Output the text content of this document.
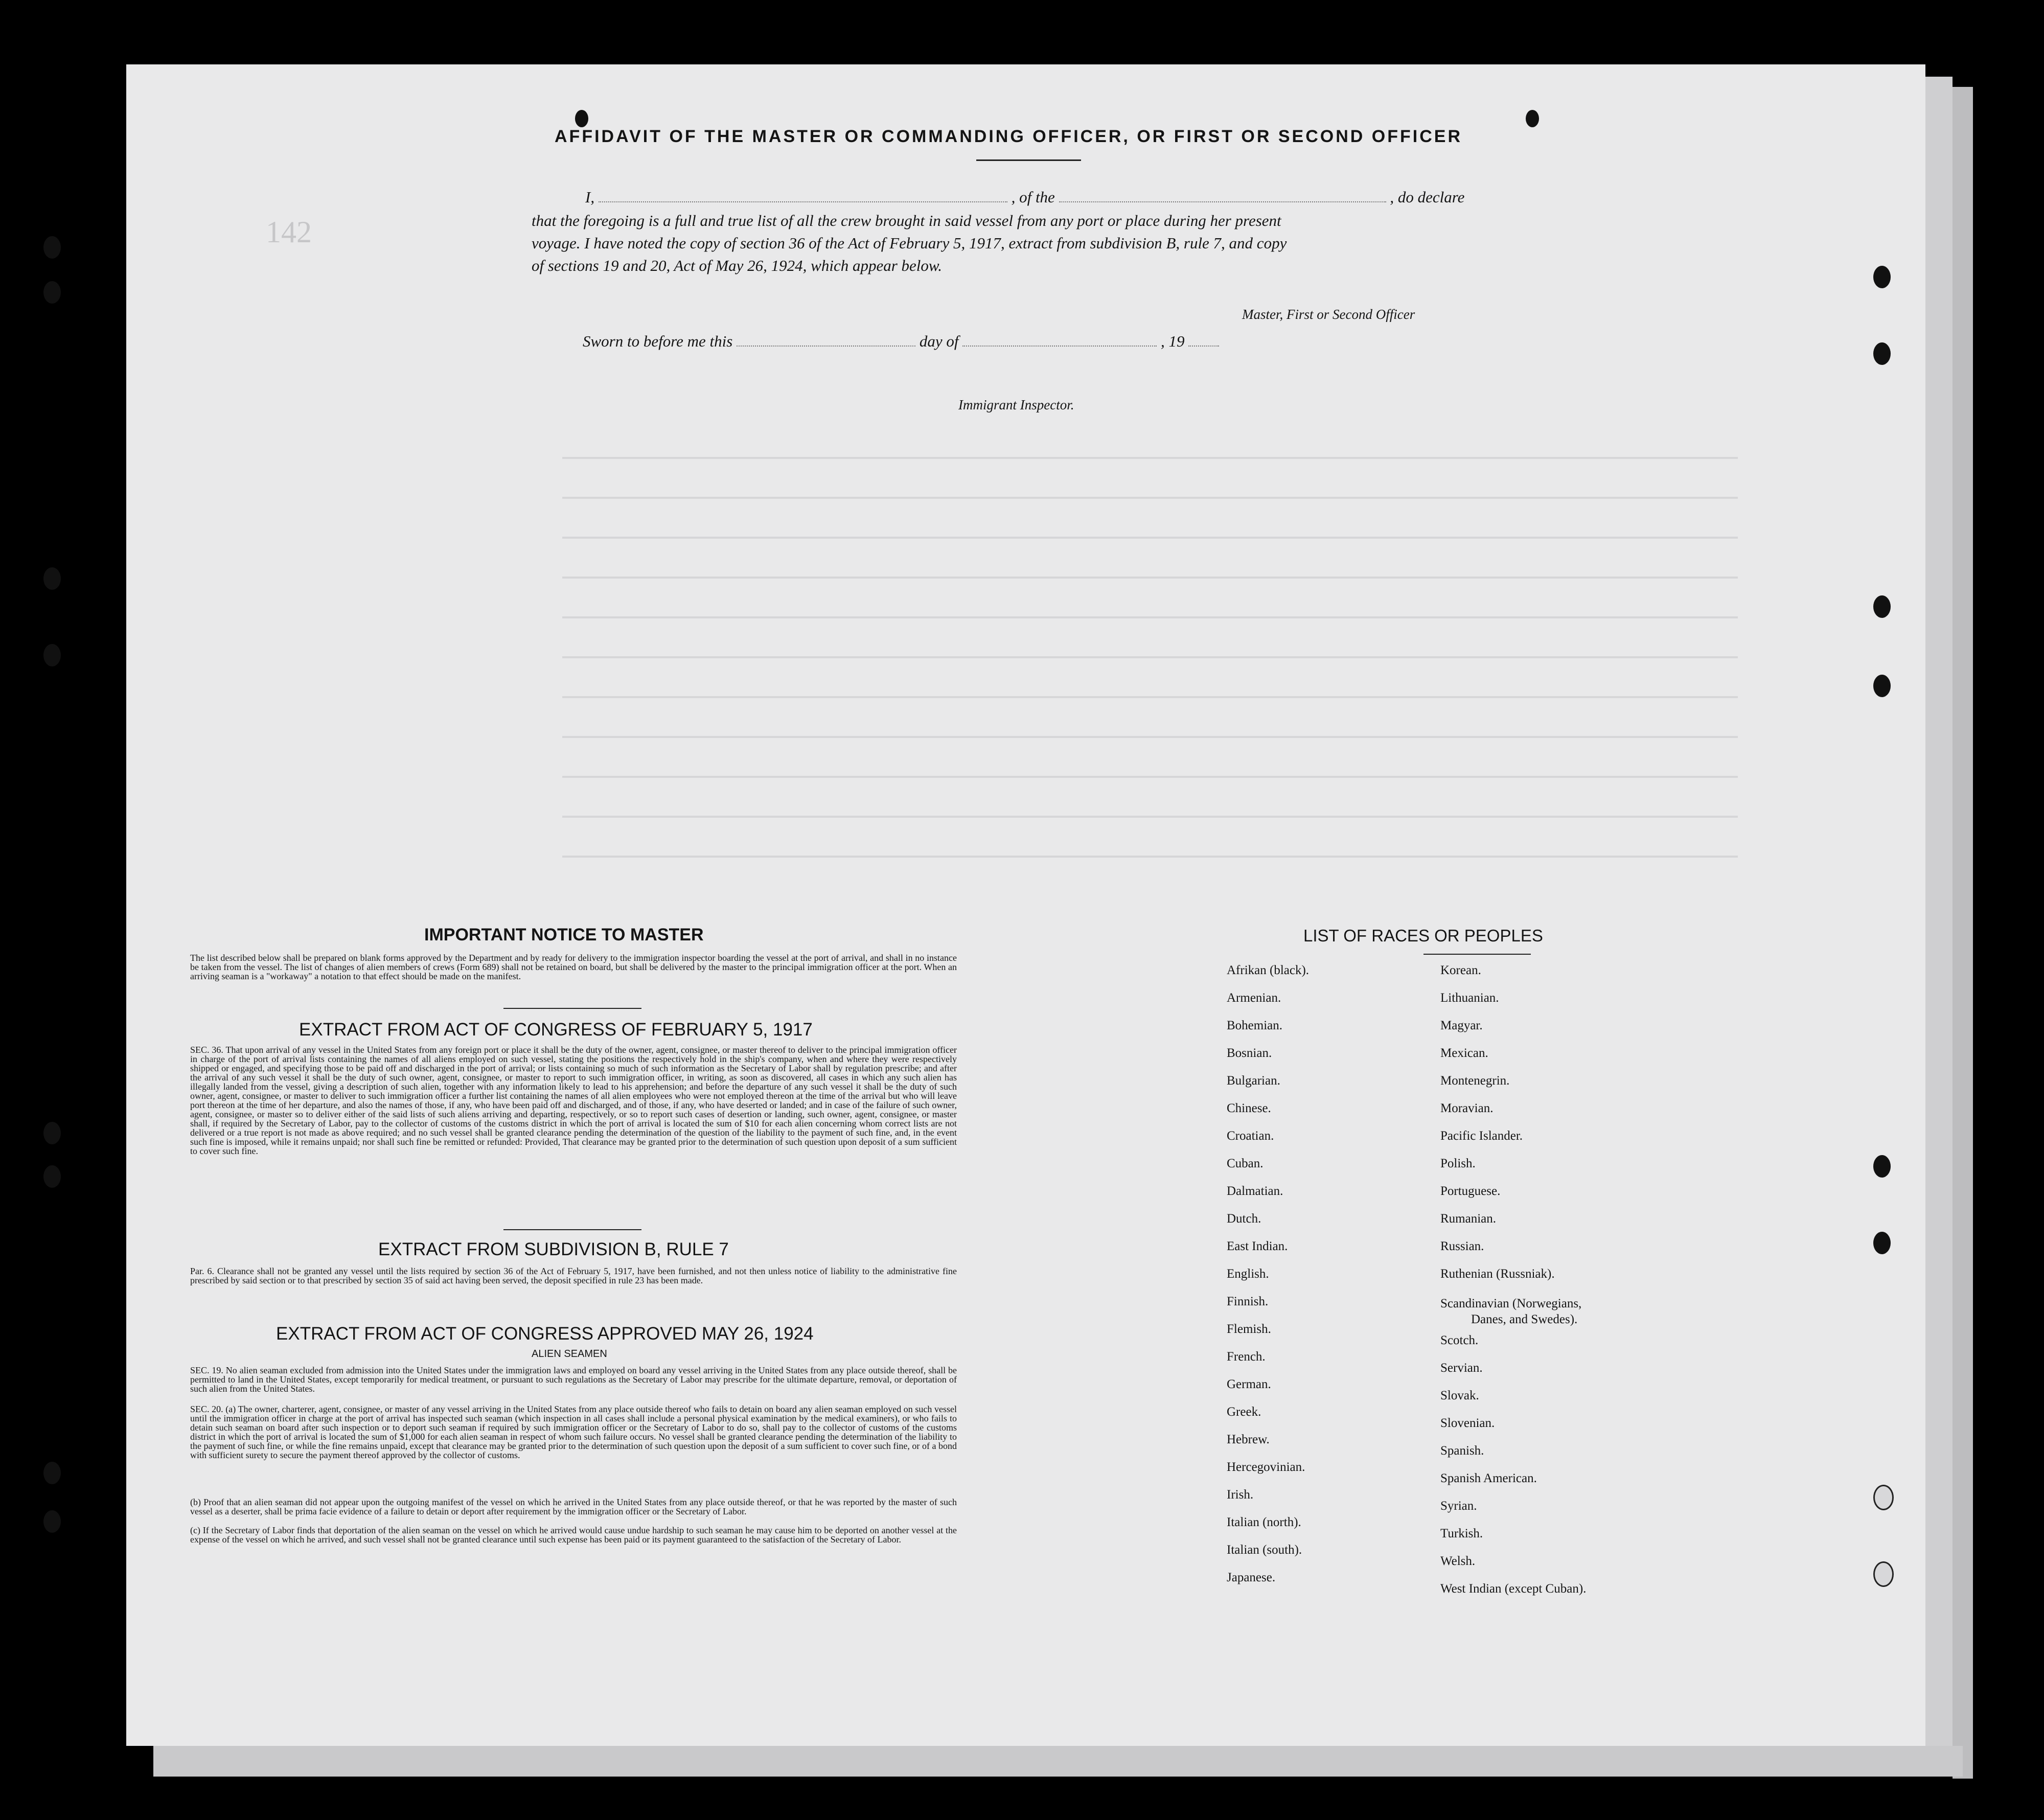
142
AFFIDAVIT OF THE MASTER OR COMMANDING OFFICER, OR FIRST OR SECOND OFFICER
I,	, of the	, do declare
that the foregoing is a full and true list of all the crew brought in said vessel from any port or place during her present
voyage. I have noted the copy of section 36 of the Act of February 5, 1917, extract from subdivision B, rule 7, and copy
of sections 19 and 20, Act of May 26, 1924, which appear below.
Master, First or Second Officer
Sworn to before me this	day of	, 19
Immigrant Inspector.
IMPORTANT NOTICE TO MASTER
The list described below shall be prepared on blank forms approved by the Department and by ready for delivery to the immigration inspector boarding the vessel at the port of arrival, and shall in no instance be taken from the vessel. The list of changes of alien members of crews (Form 689) shall not be retained on board, but shall be delivered by the master to the principal immigration officer at the port. When an arriving seaman is a "workaway" a notation to that effect should be made on the manifest.
EXTRACT FROM ACT OF CONGRESS OF FEBRUARY 5, 1917
SEC. 36. That upon arrival of any vessel in the United States from any foreign port or place it shall be the duty of the owner, agent, consignee, or master thereof to deliver to the principal immigration officer in charge of the port of arrival lists containing the names of all aliens employed on such vessel, stating the positions the respectively hold in the ship's company, when and where they were respectively shipped or engaged, and specifying those to be paid off and discharged in the port of arrival; or lists containing so much of such information as the Secretary of Labor shall by regulation prescribe; and after the arrival of any such vessel it shall be the duty of such owner, agent, consignee, or master to report to such immigration officer, in writing, as soon as discovered, all cases in which any such alien has illegally landed from the vessel, giving a description of such alien, together with any information likely to lead to his apprehension; and before the departure of any such vessel it shall be the duty of such owner, agent, consignee, or master to deliver to such immigration officer a further list containing the names of all alien employees who were not employed thereon at the time of the arrival but who will leave port thereon at the time of her departure, and also the names of those, if any, who have been paid off and discharged, and of those, if any, who have deserted or landed; and in case of the failure of such owner, agent, consignee, or master so to deliver either of the said lists of such aliens arriving and departing, respectively, or so to report such cases of desertion or landing, such owner, agent, consignee, or master shall, if required by the Secretary of Labor, pay to the collector of customs of the customs district in which the port of arrival is located the sum of $10 for each alien concerning whom correct lists are not delivered or a true report is not made as above required; and no such vessel shall be granted clearance pending the determination of the question of the liability to the payment of such fine, and, in the event such fine is imposed, while it remains unpaid; nor shall such fine be remitted or refunded: Provided, That clearance may be granted prior to the determination of such question upon deposit of a sum sufficient to cover such fine.
EXTRACT FROM SUBDIVISION B, RULE 7
Par. 6. Clearance shall not be granted any vessel until the lists required by section 36 of the Act of February 5, 1917, have been furnished, and not then unless notice of liability to the administrative fine prescribed by said section or to that prescribed by section 35 of said act having been served, the deposit specified in rule 23 has been made.
EXTRACT FROM ACT OF CONGRESS APPROVED MAY 26, 1924
ALIEN SEAMEN
SEC. 19. No alien seaman excluded from admission into the United States under the immigration laws and employed on board any vessel arriving in the United States from any place outside thereof, shall be permitted to land in the United States, except temporarily for medical treatment, or pursuant to such regulations as the Secretary of Labor may prescribe for the ultimate departure, removal, or deportation of such alien from the United States.
SEC. 20. (a) The owner, charterer, agent, consignee, or master of any vessel arriving in the United States from any place outside thereof who fails to detain on board any alien seaman employed on such vessel until the immigration officer in charge at the port of arrival has inspected such seaman (which inspection in all cases shall include a personal physical examination by the medical examiners), or who fails to detain such seaman on board after such inspection or to deport such seaman if required by such immigration officer or the Secretary of Labor to do so, shall pay to the collector of customs of the customs district in which the port of arrival is located the sum of $1,000 for each alien seaman in respect of whom such failure occurs. No vessel shall be granted clearance pending the determination of the liability to the payment of such fine, or while the fine remains unpaid, except that clearance may be granted prior to the determination of such question upon the deposit of a sum sufficient to cover such fine, or of a bond with sufficient surety to secure the payment thereof approved by the collector of customs.
(b) Proof that an alien seaman did not appear upon the outgoing manifest of the vessel on which he arrived in the United States from any place outside thereof, or that he was reported by the master of such vessel as a deserter, shall be prima facie evidence of a failure to detain or deport after requirement by the immigration officer or the Secretary of Labor.
(c) If the Secretary of Labor finds that deportation of the alien seaman on the vessel on which he arrived would cause undue hardship to such seaman he may cause him to be deported on another vessel at the expense of the vessel on which he arrived, and such vessel shall not be granted clearance until such expense has been paid or its payment guaranteed to the satisfaction of the Secretary of Labor.
LIST OF RACES OR PEOPLES
Afrikan (black).
Armenian.
Bohemian.
Bosnian.
Bulgarian.
Chinese.
Croatian.
Cuban.
Dalmatian.
Dutch.
East Indian.
English.
Finnish.
Flemish.
French.
German.
Greek.
Hebrew.
Hercegovinian.
Irish.
Italian (north).
Italian (south).
Japanese.
Korean.
Lithuanian.
Magyar.
Mexican.
Montenegrin.
Moravian.
Pacific Islander.
Polish.
Portuguese.
Rumanian.
Russian.
Ruthenian (Russniak).
Scandinavian (Norwegians,
Danes, and Swedes).
Scotch.
Servian.
Slovak.
Slovenian.
Spanish.
Spanish American.
Syrian.
Turkish.
Welsh.
West Indian (except Cuban).
